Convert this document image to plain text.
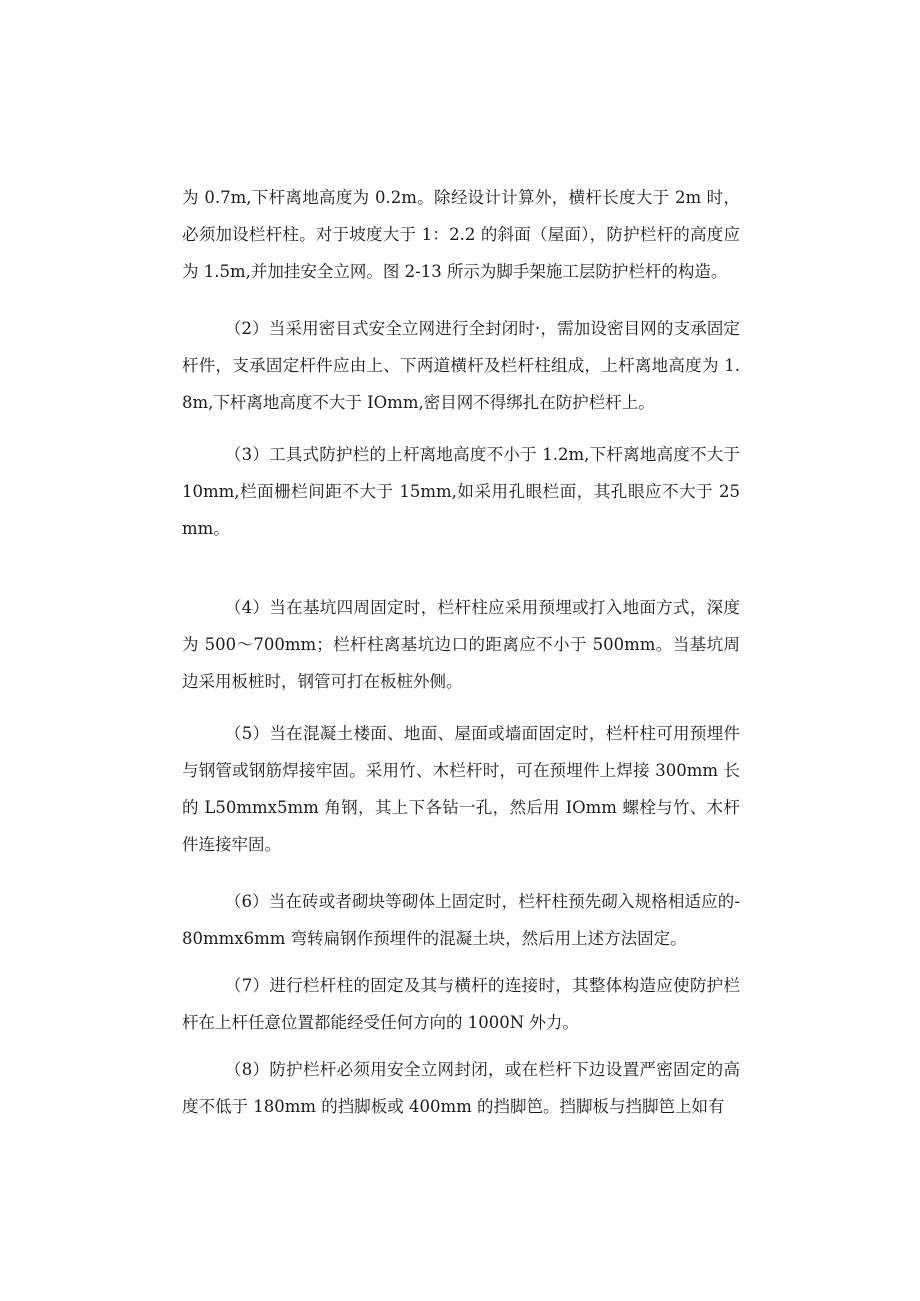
为 0.7m,下杆离地高度为 0.2m。除经设计计算外，横杆长度大于 2m 时，必须加设栏杆柱。对于坡度大于 1：2.2 的斜面（屋面），防护栏杆的高度应为 1.5m,并加挂安全立网。图 2-13 所示为脚手架施工层防护栏杆的构造。

（2）当采用密目式安全立网进行全封闭时·，需加设密目网的支承固定杆件，支承固定杆件应由上、下两道横杆及栏杆柱组成，上杆离地高度为 1.8m,下杆离地高度不大于 IOmm,密目网不得绑扎在防护栏杆上。

（3）工具式防护栏的上杆离地高度不小于 1.2m,下杆离地高度不大于 10mm,栏面栅栏间距不大于 15mm,如采用孔眼栏面，其孔眼应不大于 25mm。

（4）当在基坑四周固定时，栏杆柱应采用预埋或打入地面方式，深度为 500～700mm；栏杆柱离基坑边口的距离应不小于 500mm。当基坑周边采用板桩时，钢管可打在板桩外侧。

（5）当在混凝土楼面、地面、屋面或墙面固定时，栏杆柱可用预埋件与钢管或钢筋焊接牢固。采用竹、木栏杆时，可在预埋件上焊接 300mm 长的 L50mmx5mm 角钢，其上下各钻一孔，然后用 IOmm 螺栓与竹、木杆件连接牢固。

（6）当在砖或者砌块等砌体上固定时，栏杆柱预先砌入规格相适应的-80mmx6mm 弯转扁钢作预埋件的混凝土块，然后用上述方法固定。

（7）进行栏杆柱的固定及其与横杆的连接时，其整体构造应使防护栏杆在上杆任意位置都能经受任何方向的 1000N 外力。

（8）防护栏杆必须用安全立网封闭，或在栏杆下边设置严密固定的高度不低于 180mm 的挡脚板或 400mm 的挡脚笆。挡脚板与挡脚笆上如有
